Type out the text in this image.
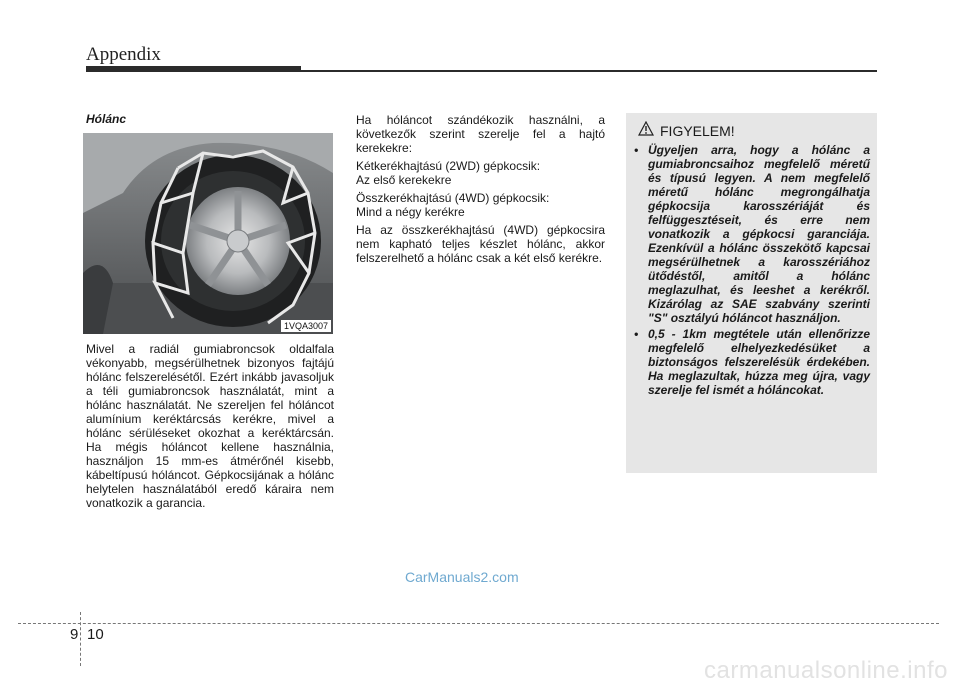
Appendix
Hólánc
1VQA3007
Mivel a radiál gumiabroncsok oldalfala vékonyabb, megsérülhetnek bizonyos fajtájú hólánc felszerelésétől. Ezért inkább javasoljuk a téli gumiabroncsok használatát, mint a hólánc használatát. Ne szereljen fel hóláncot alumínium keréktárcsás kerékre, mivel a hólánc sérüléseket okozhat a keréktárcsán. Ha mégis hóláncot kellene használnia, használjon 15 mm-es átmérőnél kisebb, kábeltípusú hóláncot. Gépkocsijának a hólánc helytelen használatából eredő káraira nem vonatkozik a garancia.

Ha hóláncot szándékozik használni, a következők szerint szerelje fel a hajtó kerekekre:

Kétkerékhajtású (2WD) gépkocsik:

Az első kerekekre

Összkerékhajtású (4WD) gépkocsik:

Mind a négy kerékre

Ha az összkerékhajtású (4WD) gépkocsira nem kapható teljes készlet hólánc, akkor felszerelhető a hólánc csak a két első kerékre.

FIGYELEM!
• Ügyeljen arra, hogy a hólánc a gumiabroncsaihoz megfelelő méretű és típusú legyen. A nem megfelelő méretű hólánc megrongálhatja gépkocsija karosszériáját és felfüggesztéseit, és erre nem vonatkozik a gépkocsi garanciája. Ezenkívül a hólánc összekötő kapcsai megsérülhetnek a karosszériához ütődéstől, amitől a hólánc meglazulhat, és leeshet a kerékről. Kizárólag az SAE szabvány szerinti "S" osztályú hóláncot használjon.
• 0,5 - 1km megtétele után ellenőrizze megfelelő elhelyezkedésüket a biztonságos felszerelésük érdekében. Ha meglazultak, húzza meg újra, vagy szerelje fel ismét a hóláncokat.
CarManuals2.com
9 10
carmanualsonline.info
